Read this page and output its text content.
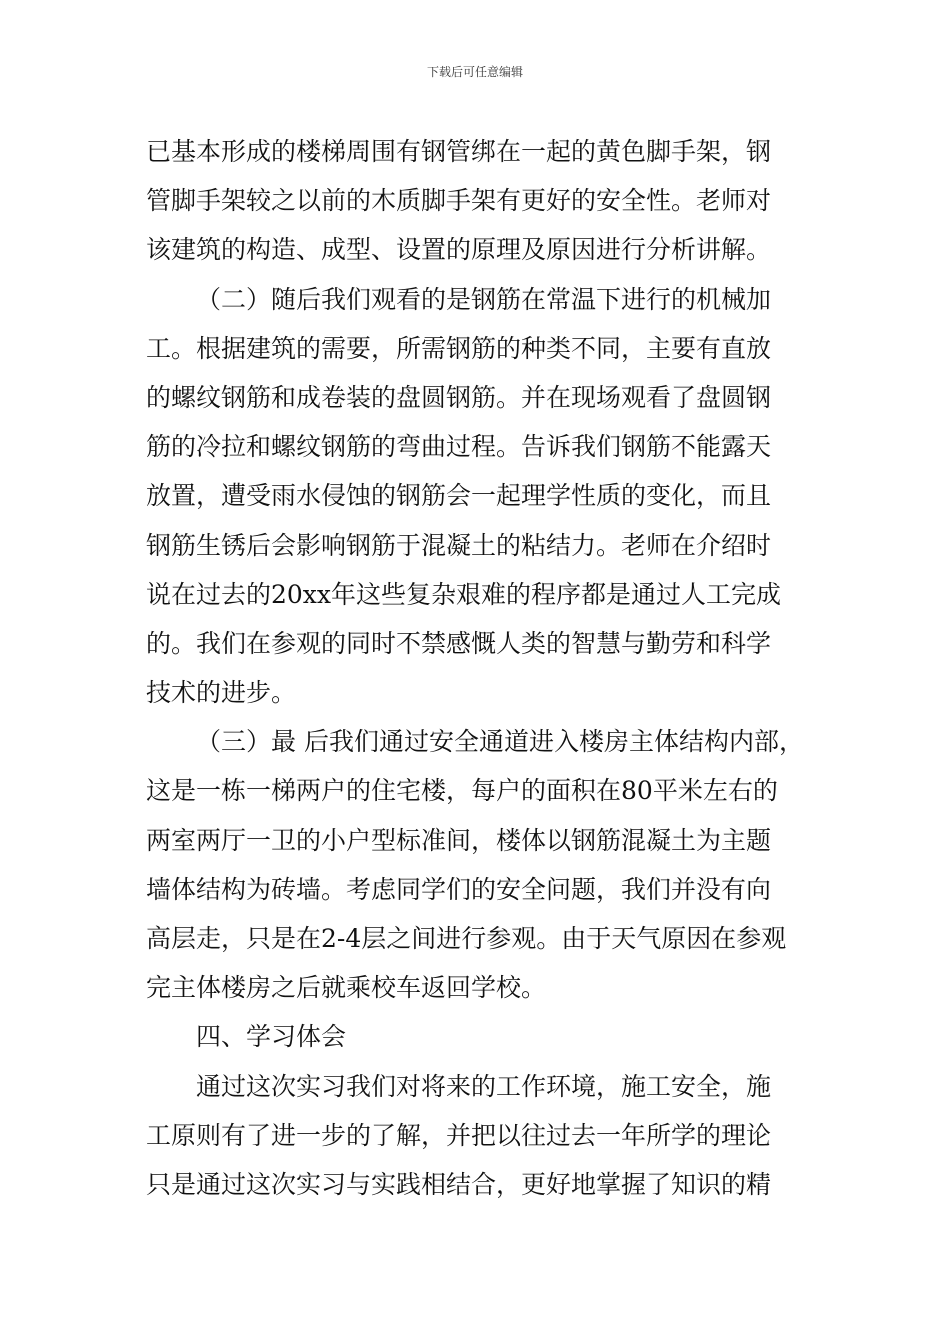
下载后可任意编辑
已基本形成的楼梯周围有钢管绑在一起的黄色脚手架，钢
管脚手架较之以前的木质脚手架有更好的安全性。老师对
该建筑的构造、成型、设置的原理及原因进行分析讲解。
（二）随后我们观看的是钢筋在常温下进行的机械加
工。根据建筑的需要，所需钢筋的种类不同，主要有直放
的螺纹钢筋和成卷装的盘圆钢筋。并在现场观看了盘圆钢
筋的冷拉和螺纹钢筋的弯曲过程。告诉我们钢筋不能露天
放置，遭受雨水侵蚀的钢筋会一起理学性质的变化，而且
钢筋生锈后会影响钢筋于混凝土的粘结力。老师在介绍时
说在过去的20xx年这些复杂艰难的程序都是通过人工完成
的。我们在参观的同时不禁感慨人类的智慧与勤劳和科学
技术的进步。
（三）最 后我们通过安全通道进入楼房主体结构内部，
这是一栋一梯两户的住宅楼，每户的面积在80平米左右的
两室两厅一卫的小户型标准间，楼体以钢筋混凝土为主题
墙体结构为砖墙。考虑同学们的安全问题，我们并没有向
高层走，只是在2-4层之间进行参观。由于天气原因在参观
完主体楼房之后就乘校车返回学校。
四、学习体会
通过这次实习我们对将来的工作环境，施工安全，施
工原则有了进一步的了解，并把以往过去一年所学的理论
只是通过这次实习与实践相结合，更好地掌握了知识的精
